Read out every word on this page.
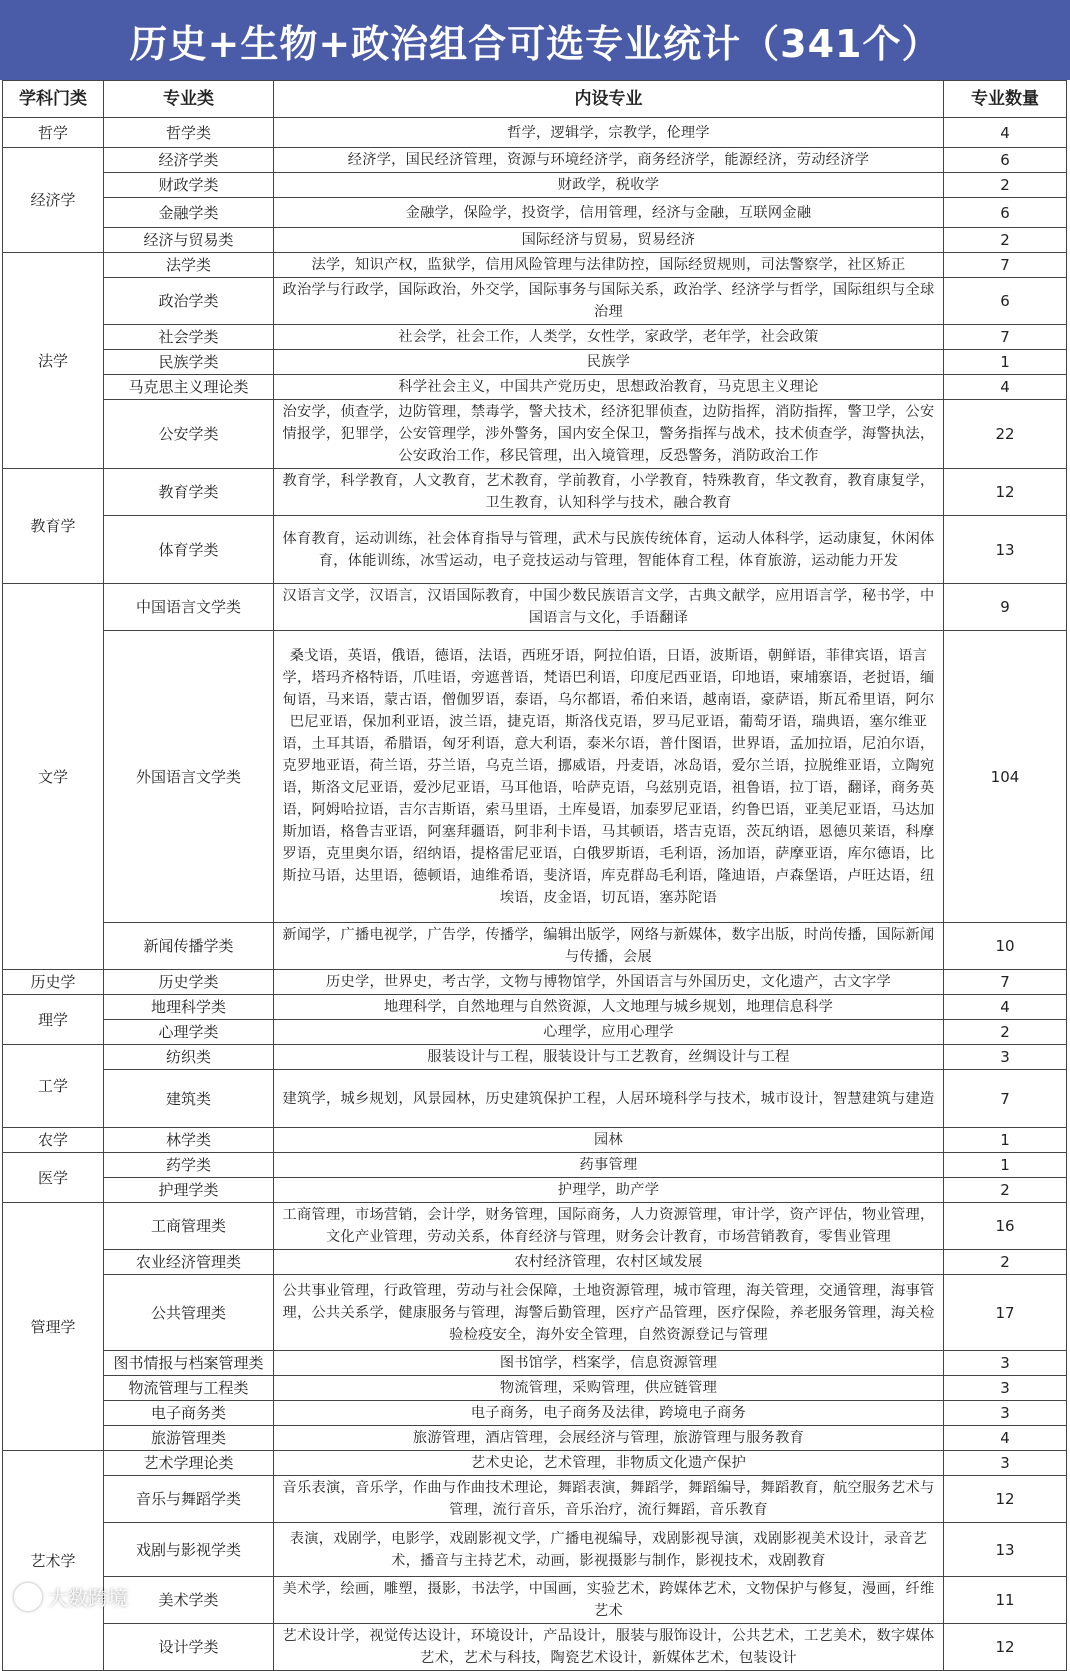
历史+生物+政治组合可选专业统计（341个）
学科门类	专业类	内设专业	专业数量
哲学	哲学类	哲学，逻辑学，宗教学，伦理学	4
经济学	经济学类	经济学，国民经济管理，资源与环境经济学，商务经济学，能源经济，劳动经济学	6
	财政学类	财政学，税收学	2
	金融学类	金融学，保险学，投资学，信用管理，经济与金融，互联网金融	6
	经济与贸易类	国际经济与贸易，贸易经济	2
法学	法学类	法学，知识产权，监狱学，信用风险管理与法律防控，国际经贸规则，司法警察学，社区矫正	7
	政治学类	政治学与行政学，国际政治，外交学，国际事务与国际关系，政治学、经济学与哲学，国际组织与全球治理	6
	社会学类	社会学，社会工作，人类学，女性学，家政学，老年学，社会政策	7
	民族学类	民族学	1
	马克思主义理论类	科学社会主义，中国共产党历史，思想政治教育，马克思主义理论	4
	公安学类	治安学，侦查学，边防管理，禁毒学，警犬技术，经济犯罪侦查，边防指挥，消防指挥，警卫学，公安情报学，犯罪学，公安管理学，涉外警务，国内安全保卫，警务指挥与战术，技术侦查学，海警执法，公安政治工作，移民管理，出入境管理，反恐警务，消防政治工作	22
教育学	教育学类	教育学，科学教育，人文教育，艺术教育，学前教育，小学教育，特殊教育，华文教育，教育康复学，卫生教育，认知科学与技术，融合教育	12
	体育学类	体育教育，运动训练，社会体育指导与管理，武术与民族传统体育，运动人体科学，运动康复，休闲体育，体能训练，冰雪运动，电子竞技运动与管理，智能体育工程，体育旅游，运动能力开发	13
文学	中国语言文学类	汉语言文学，汉语言，汉语国际教育，中国少数民族语言文学，古典文献学，应用语言学，秘书学，中国语言与文化，手语翻译	9
	外国语言文学类	桑戈语，英语，俄语，德语，法语，西班牙语，阿拉伯语，日语，波斯语，朝鲜语，菲律宾语，语言学，塔玛齐格特语，爪哇语，旁遮普语，梵语巴利语，印度尼西亚语，印地语，柬埔寨语，老挝语，缅甸语，马来语，蒙古语，僧伽罗语，泰语，乌尔都语，希伯来语，越南语，豪萨语，斯瓦希里语，阿尔巴尼亚语，保加利亚语，波兰语，捷克语，斯洛伐克语，罗马尼亚语，葡萄牙语，瑞典语，塞尔维亚语，土耳其语，希腊语，匈牙利语，意大利语，泰米尔语，普什图语，世界语，孟加拉语，尼泊尔语，克罗地亚语，荷兰语，芬兰语，乌克兰语，挪威语，丹麦语，冰岛语，爱尔兰语，拉脱维亚语，立陶宛语，斯洛文尼亚语，爱沙尼亚语，马耳他语，哈萨克语，乌兹别克语，祖鲁语，拉丁语，翻译，商务英语，阿姆哈拉语，吉尔吉斯语，索马里语，土库曼语，加泰罗尼亚语，约鲁巴语，亚美尼亚语，马达加斯加语，格鲁吉亚语，阿塞拜疆语，阿非利卡语，马其顿语，塔吉克语，茨瓦纳语，恩德贝莱语，科摩罗语，克里奥尔语，绍纳语，提格雷尼亚语，白俄罗斯语，毛利语，汤加语，萨摩亚语，库尔德语，比斯拉马语，达里语，德顿语，迪维希语，斐济语，库克群岛毛利语，隆迪语，卢森堡语，卢旺达语，纽埃语，皮金语，切瓦语，塞苏陀语	104
	新闻传播学类	新闻学，广播电视学，广告学，传播学，编辑出版学，网络与新媒体，数字出版，时尚传播，国际新闻与传播，会展	10
历史学	历史学类	历史学，世界史，考古学，文物与博物馆学，外国语言与外国历史，文化遗产，古文字学	7
理学	地理科学类	地理科学，自然地理与自然资源，人文地理与城乡规划，地理信息科学	4
	心理学类	心理学，应用心理学	2
工学	纺织类	服装设计与工程，服装设计与工艺教育，丝绸设计与工程	3
	建筑类	建筑学，城乡规划，风景园林，历史建筑保护工程，人居环境科学与技术，城市设计，智慧建筑与建造	7
农学	林学类	园林	1
医学	药学类	药事管理	1
	护理学类	护理学，助产学	2
管理学	工商管理类	工商管理，市场营销，会计学，财务管理，国际商务，人力资源管理，审计学，资产评估，物业管理，文化产业管理，劳动关系，体育经济与管理，财务会计教育，市场营销教育，零售业管理	16
	农业经济管理类	农村经济管理，农村区域发展	2
	公共管理类	公共事业管理，行政管理，劳动与社会保障，土地资源管理，城市管理，海关管理，交通管理，海事管理，公共关系学，健康服务与管理，海警后勤管理，医疗产品管理，医疗保险，养老服务管理，海关检验检疫安全，海外安全管理，自然资源登记与管理	17
	图书情报与档案管理类	图书馆学，档案学，信息资源管理	3
	物流管理与工程类	物流管理，采购管理，供应链管理	3
	电子商务类	电子商务，电子商务及法律，跨境电子商务	3
	旅游管理类	旅游管理，酒店管理，会展经济与管理，旅游管理与服务教育	4
艺术学	艺术学理论类	艺术史论，艺术管理，非物质文化遗产保护	3
	音乐与舞蹈学类	音乐表演，音乐学，作曲与作曲技术理论，舞蹈表演，舞蹈学，舞蹈编导，舞蹈教育，航空服务艺术与管理，流行音乐，音乐治疗，流行舞蹈，音乐教育	12
	戏剧与影视学类	表演，戏剧学，电影学，戏剧影视文学，广播电视编导，戏剧影视导演，戏剧影视美术设计，录音艺术，播音与主持艺术，动画，影视摄影与制作，影视技术，戏剧教育	13
	美术学类	美术学，绘画，雕塑，摄影，书法学，中国画，实验艺术，跨媒体艺术，文物保护与修复，漫画，纤维艺术	11
	设计学类	艺术设计学，视觉传达设计，环境设计，产品设计，服装与服饰设计，公共艺术，工艺美术，数字媒体艺术，艺术与科技，陶瓷艺术设计，新媒体艺术，包装设计	12
大数跨境
